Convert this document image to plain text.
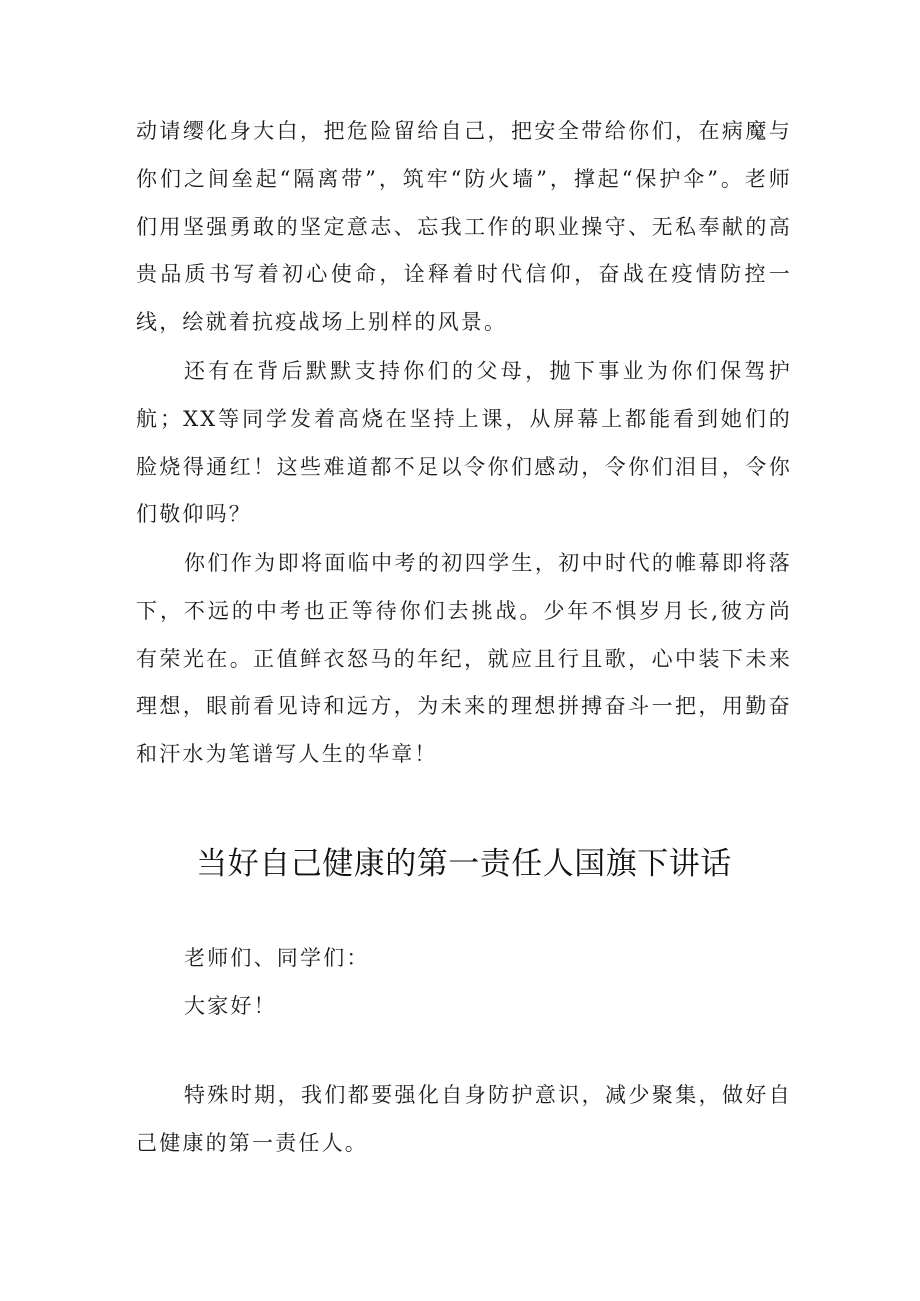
动请缨化身大白，把危险留给自己，把安全带给你们，在病魔与你们之间垒起“隔离带”，筑牢“防火墙”，撑起“保护伞”。老师们用坚强勇敢的坚定意志、忘我工作的职业操守、无私奉献的高贵品质书写着初心使命，诠释着时代信仰，奋战在疫情防控一线，绘就着抗疫战场上别样的风景。

还有在背后默默支持你们的父母，抛下事业为你们保驾护航；XX等同学发着高烧在坚持上课，从屏幕上都能看到她们的脸烧得通红！这些难道都不足以令你们感动，令你们泪目，令你们敬仰吗？

你们作为即将面临中考的初四学生，初中时代的帷幕即将落下，不远的中考也正等待你们去挑战。少年不惧岁月长,彼方尚有荣光在。正值鲜衣怒马的年纪，就应且行且歌，心中装下未来理想，眼前看见诗和远方，为未来的理想拼搏奋斗一把，用勤奋和汗水为笔谱写人生的华章！

当好自己健康的第一责任人国旗下讲话

老师们、同学们：

大家好！

特殊时期，我们都要强化自身防护意识，减少聚集，做好自己健康的第一责任人。
